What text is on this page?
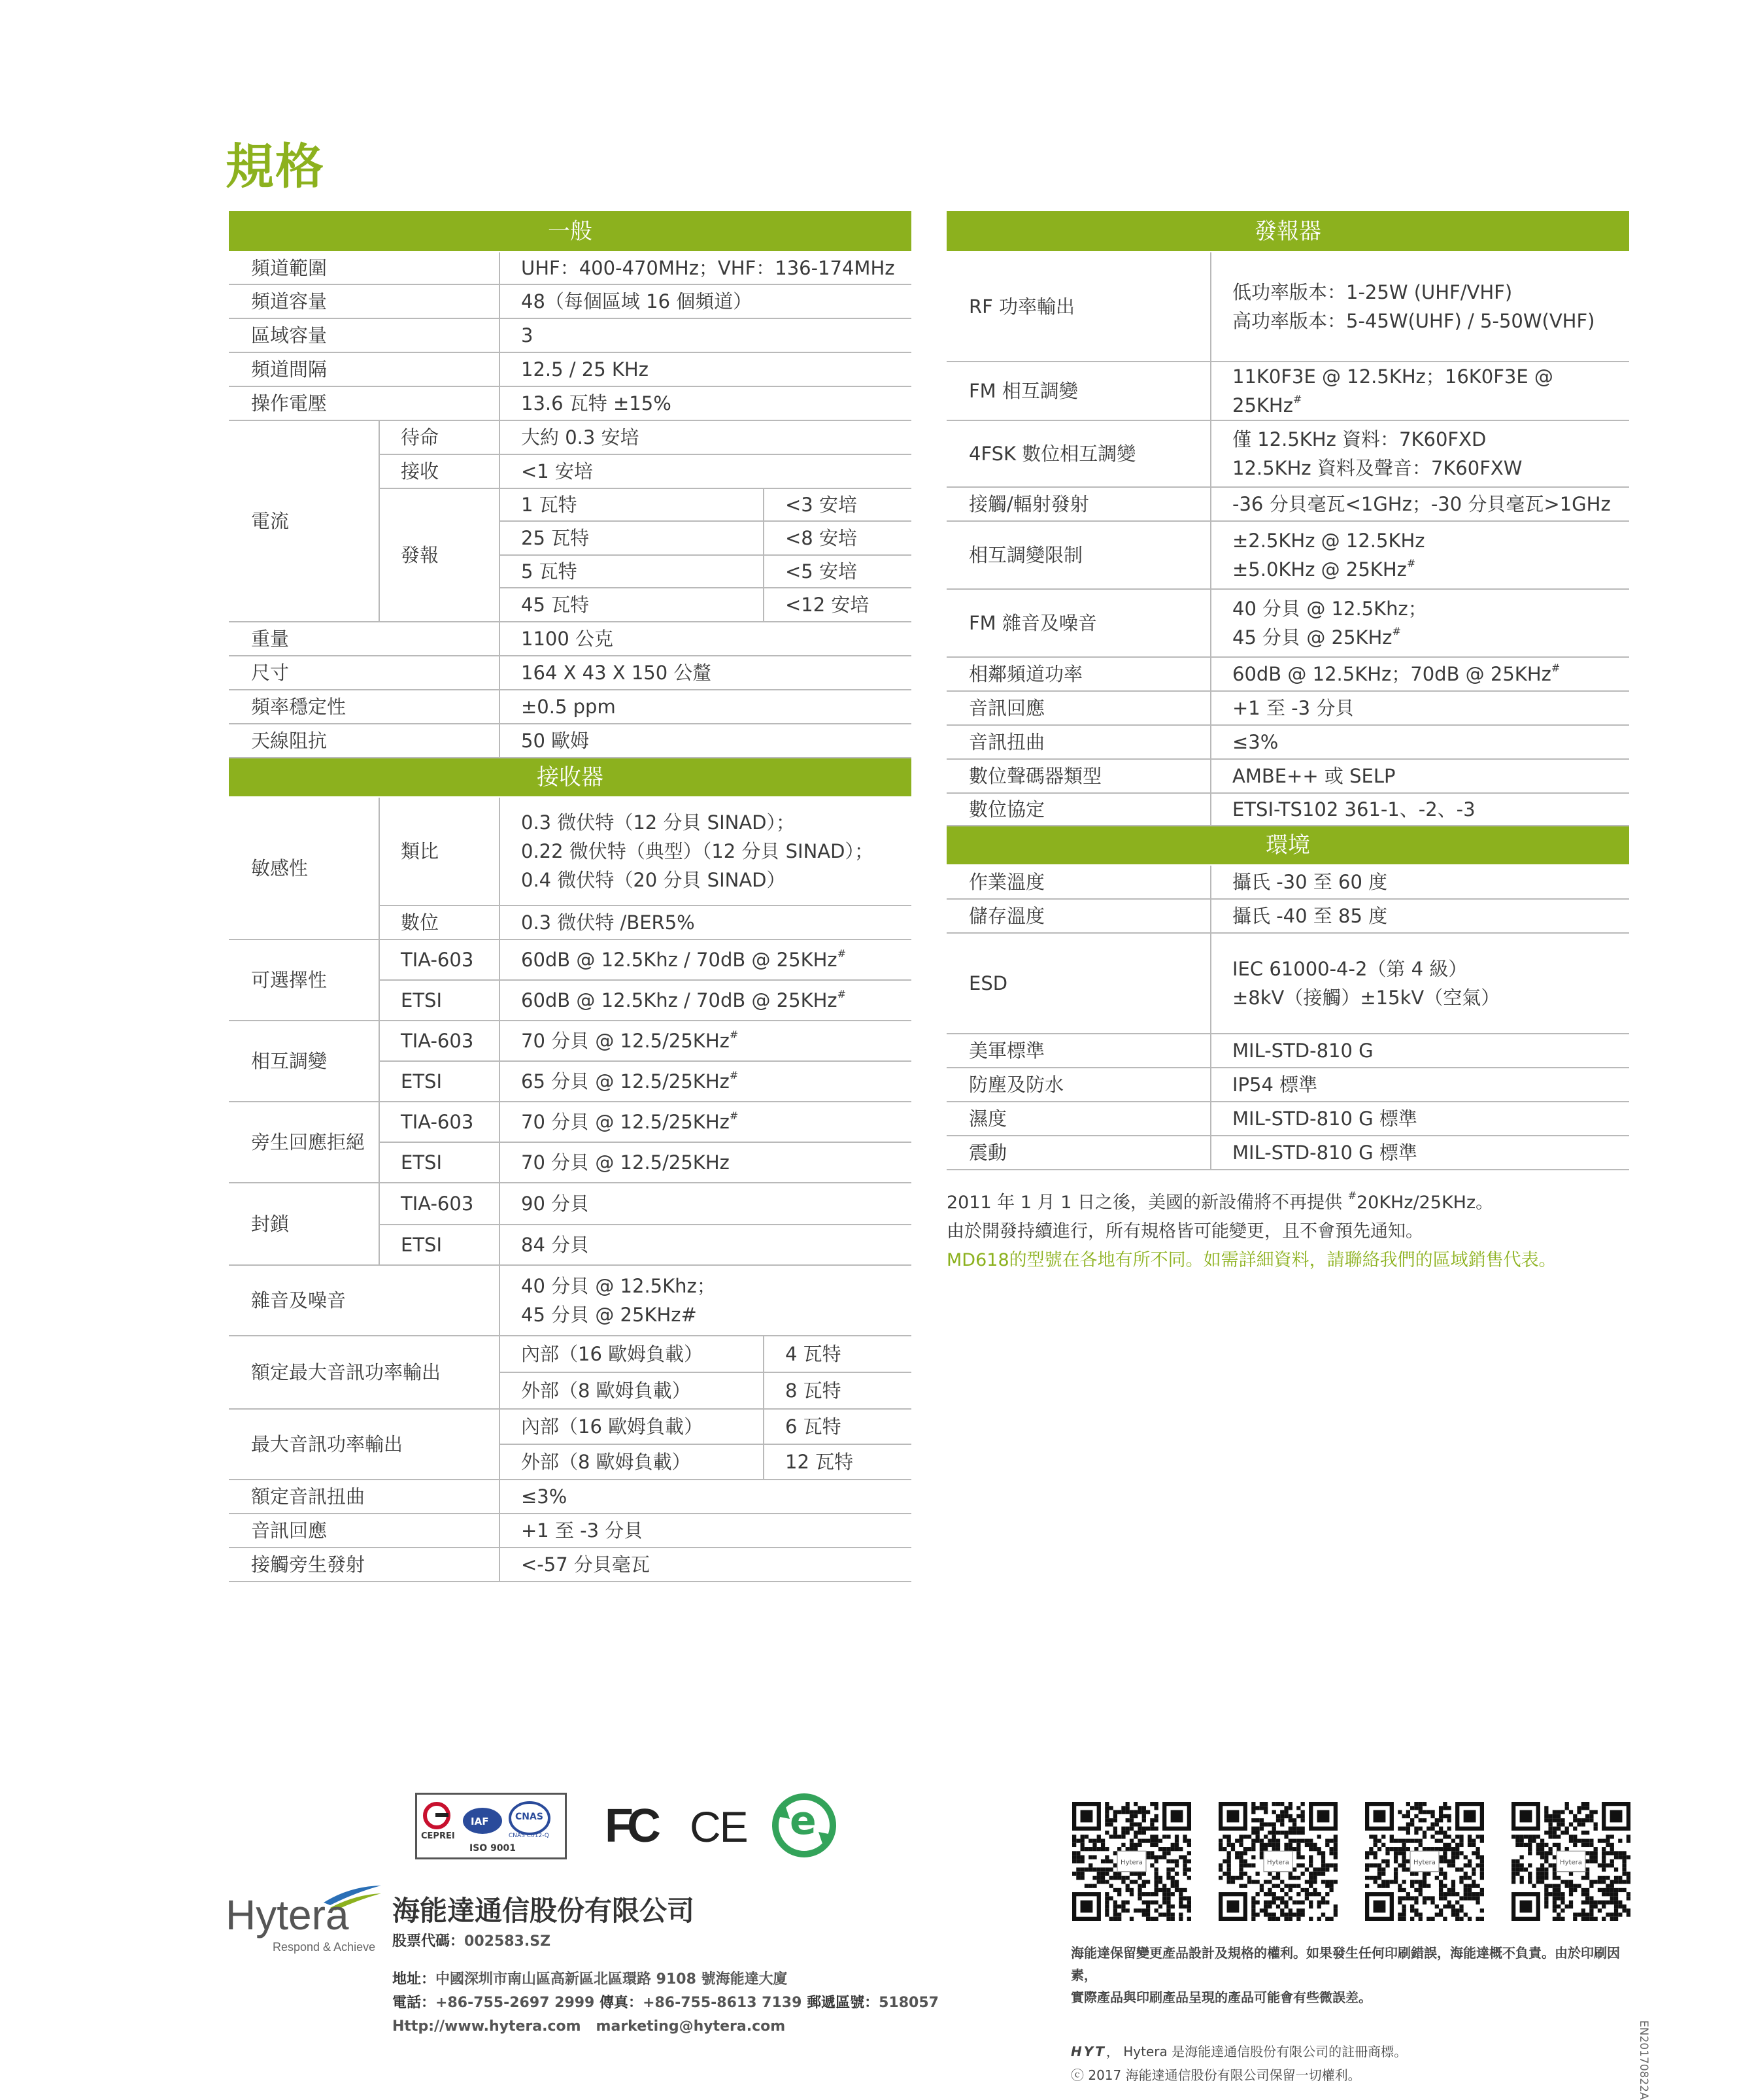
規格
一般			
頻道範圍		UHF：400-470MHz；VHF：136-174MHz	
頻道容量		48（每個區域 16 個頻道）	
區域容量		3	
頻道間隔		12.5 / 25 KHz	
操作電壓		13.6 瓦特 ±15%	
電流	待命	大約 0.3 安培	
	接收	<1 安培	
	發報	1 瓦特	<3 安培
		25 瓦特	<8 安培
		5 瓦特	<5 安培
		45 瓦特	<12 安培
重量		1100 公克	
尺寸		164 X 43 X 150 公釐	
頻率穩定性		±0.5 ppm	
天線阻抗		50 歐姆	
接收器			
敏感性	類比	0.3 微伏特（12 分貝 SINAD）；
0.22 微伏特（典型）（12 分貝 SINAD）；
0.4 微伏特（20 分貝 SINAD）	

	數位	0.3 微伏特 /BER5%	
可選擇性	TIA-603	60dB @ 12.5Khz / 70dB @ 25KHz#
	ETSI	60dB @ 12.5Khz / 70dB @ 25KHz#
相互調變	TIA-603	70 分貝 @ 12.5/25KHz#
	ETSI	65 分貝 @ 12.5/25KHz#
旁生回應拒絕	TIA-603	70 分貝 @ 12.5/25KHz#
	ETSI	70 分貝 @ 12.5/25KHz	
封鎖	TIA-603	90 分貝	
	ETSI	84 分貝	
雜音及噪音		40 分貝 @ 12.5Khz；
45 分貝 @ 25KHz#	

額定最大音訊功率輸出		內部（16 歐姆負載）	4 瓦特
		外部（8 歐姆負載）	8 瓦特
最大音訊功率輸出		內部（16 歐姆負載）	6 瓦特
		外部（8 歐姆負載）	12 瓦特
額定音訊扭曲		≤3%	
音訊回應		+1 至 -3 分貝	
接觸旁生發射		<-57 分貝毫瓦	
發報器	
RF 功率輸出	低功率版本：1-25W (UHF/VHF)
高功率版本：5-45W(UHF) / 5-50W(VHF)

FM 相互調變	11K0F3E @ 12.5KHz；16K0F3E @ 25KHz#
4FSK 數位相互調變	僅 12.5KHz 資料：7K60FXD
12.5KHz 資料及聲音：7K60FXW

接觸/輻射發射	-36 分貝毫瓦<1GHz；-30 分貝毫瓦>1GHz
相互調變限制	±2.5KHz @ 12.5KHz
±5.0KHz @ 25KHz#

FM 雜音及噪音	40 分貝 @ 12.5Khz；
45 分貝 @ 25KHz#

相鄰頻道功率	60dB @ 12.5KHz；70dB @ 25KHz#
音訊回應	+1 至 -3 分貝
音訊扭曲	≤3%
數位聲碼器類型	AMBE++ 或 SELP
數位協定	ETSI-TS102 361-1、-2、-3
環境	
作業溫度	攝氏 -30 至 60 度
儲存溫度	攝氏 -40 至 85 度
ESD	IEC 61000-4-2（第 4 級）
±8kV（接觸）±15kV（空氣）

美軍標準	MIL-STD-810 G
防塵及防水	IP54 標準
濕度	MIL-STD-810 G 標準
震動	MIL-STD-810 G 標準
2011 年 1 月 1 日之後，美國的新設備將不再提供 #20KHz/25KHz。
由於開發持續進行，所有規格皆可能變更，且不會預先通知。
MD618的型號在各地有所不同。如需詳細資料，請聯絡我們的區域銷售代表。
CEPREI
IAF	CNAS
CNAS C012-Q
ISO 9001 FC CE e
Hytera
Respond & Achieve
海能達通信股份有限公司
股票代碼：002583.SZ
地址：中國深圳市南山區高新區北區環路 9108 號海能達大廈
電話：+86-755-2697 2999 傳真：+86-755-8613 7139 郵遞區號：518057
Http://www.hytera.com marketing@hytera.com
Hytera	Hytera	Hytera	Hytera
海能達保留變更產品設計及規格的權利。如果發生任何印刷錯誤，海能達概不負責。由於印刷因素，
實際產品與印刷產品呈現的產品可能會有些微誤差。
HYT， Hytera 是海能達通信股份有限公司的註冊商標。
ⓒ 2017 海能達通信股份有限公司保留一切權利。	EN20170822A
